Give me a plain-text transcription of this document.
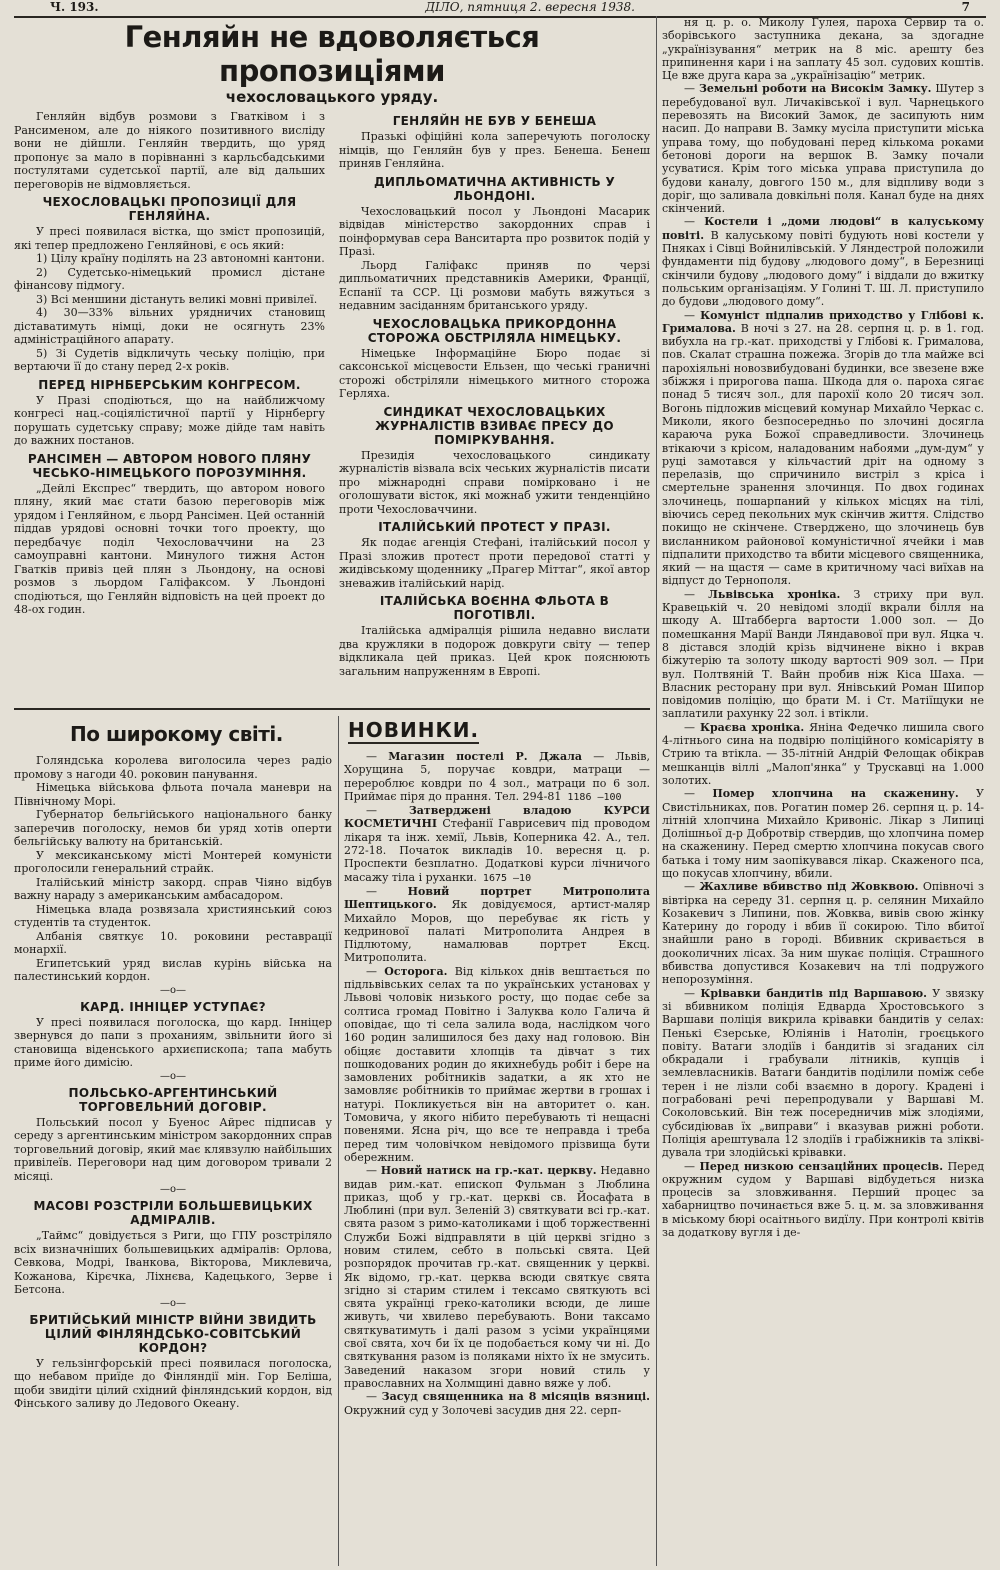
Ч. 193.	ДІЛО, пятниця 2. вересня 1938.	7
Генляйн не вдоволяється пропозиціями
чехословацького уряду.

Генляйн відбув розмови з Гватківом і з Рансименом, але до ніякого позитивного вислідy вони не дійшли. Генляйн твердить, що уряд пропонує за мало в порівнанні з карльсбадськими постулятами судетської партії, але від дальших переговорів не відмовляється.

ЧЕХОСЛОВАЦЬКІ ПРОПОЗИЦІЇ ДЛЯ ГЕНЛЯЙНА.

У пресі появилася вістка, що зміст пропозицій, які тепер предложено Генляйнові, є ось який:

1) Цілу країну поділять на 23 автономні кантони.

2) Судетсько-німецький промисл дістане фінансову підмогу.

3) Всі меншини дістануть великі мовні привілеї.

4) 30—33% вільних урядничих становищ діставатимуть німці, доки не осягнуть 23% адміністраційного апарату.

5) Зі Судетів відкличуть чеську поліцію, при вертаючи її до стану перед 2-х років.

ПЕРЕД НІРНБЕРСЬКИМ КОНГРЕСОМ.

У Празі сподіються, що на найближчому конгресі нац.-соціялістичної партії у Нірнбергу порушать судетську справу; може дійде там навіть до важних постанов.

РАНСІМЕН — АВТОРОМ НОВОГО ПЛЯНУ ЧЕСЬКО-НІМЕЦЬКОГО ПОРОЗУМІННЯ.

„Дейлі Експрес“ твердить, що автором нового пляну, який має стати базою переговорів між урядом і Генляйном, є льорд Рансімен. Цей останній піддав урядові основні точки того проекту, що передбачує поділ Чехословаччини на 23 самоуправні кантони. Минулого тижня Астон Гватків привіз цей плян з Льондону, на основі розмов з льордом Галіфаксом. У Льондоні сподіються, що Генляйн відповість на цей проект до 48-ох годин.

ГЕНЛЯЙН НЕ БУВ У БЕНЕША

Празькі офіційні кола заперечують поголоску німців, що Генляйн був у през. Бенеша. Бенеш приняв Генляйна.

ДИПЛЬОМАТИЧНА АКТИВНІСТЬ У ЛЬОНДОНІ.

Чехословацький посол у Льондоні Масарик відвідав міністерство закордонних справ і поінформував сера Ванситарта про розвиток подій у Празі.

Льорд Галіфакс приняв по черзі дипльоматичних представників Америки, Франції, Еспанії та ССР. Ці розмови мабуть вяжуться з недавним засіданням британського уряду.

ЧЕХОСЛОВАЦЬКА ПРИКОРДОННА СТОРОЖА ОБСТРІЛЯЛА НІМЕЦЬКУ.

Німецьке Інформаційне Бюро подає зі саксонської місцевости Ельзен, що чеські граничні сторожі обстріляли німецького митного сторожа Герляха.

СИНДИКАТ ЧЕХОСЛОВАЦЬКИХ ЖУРНАЛІСТІВ ВЗИВАЄ ПРЕСУ ДО ПОМІРКУВАННЯ.

Президія чехословацького синдикату журналістів візвала всіх чеських журналістів писати про міжнародні справи поміркованo і не оголошувати вісток, які можнаб ужити тенденційно проти Чехословаччини.

ІТАЛІЙСЬКИЙ ПРОТЕСТ У ПРАЗІ.

Як подає агенція Стефані, італійський посол у Празі зложив протест проти передової статті у жидівському щоденнику „Прагер Міттаг“, якої автор зневажив італійський нарід.

ІТАЛІЙСЬКА ВОЄННА ФЛЬОТА В ПОГОТІВЛІ.

Італійська адміралція рішила недавно вислати два кружляки в подорож довкруги світу — тепер відкликала цей приказ. Цей крок пояснюють загальним напруженням в Европі.

По широкому світі.

Голяндська королева виголосила через радіо промову з нагоди 40. роковин панування.

Німецька військова фльота почала маневри на Північному Морі.

Губернатор бельгійського національного банку заперечив поголоску, немов би уряд хотів оперти бельгійську валюту на британській.

У мексиканському місті Монтерей комуністи проголосили генеральний страйк.

Італійський міністр закорд. справ Чіяно відбув важну нараду з американським амбасадором.

Німецька влада розвязала християнський союз студентів та студенток.

Албанія святкує 10. роковини реставрації монархії.

Египетський уряд вислав курінь війська на палестинський кордон.

—o—
КАРД. ІННІЦЕР УСТУПАЄ?

У пресі появилася поголоска, що кард. Інніцер звернувся до папи з проханиям, звільнити його зі становища віденського архиєпископа; тапа мабуть приме його димісію.

—o—
ПОЛЬСЬКО-АРГЕНТИНСЬКИЙ ТОРГОВЕЛЬНИЙ ДОГОВІР.

Польський посол у Буенос Айрес підписав у середу з аргентинським міністром закордонних справ торговельний договір, який має клявзулю найбільших привілеїв. Переговори над цим договором тривали 2 місяці.

—o—
МАСОВІ РОЗСТРІЛИ БОЛЬШЕВИЦЬКИХ АДМІРАЛІВ.

„Таймс“ довідується з Риги, що ГПУ розстріляло всіх визначніших большевицьких адміралів: Орлова, Севкова, Модрі, Іванкова, Вікторова, Миклевича, Кожанова, Кірєчка, Ліхнєва, Кадецького, Зерве і Бетсона.

—o—
БРИТІЙСЬКИЙ МІНІСТР ВІЙНИ ЗВИДИТЬ ЦІЛИЙ ФІНЛЯНДСЬКО-СОВІТСЬКИЙ КОРДОН?

У гельзінгфорській пресі появилася поголоска, що небавом приїде до Фінляндії мін. Гор Беліша, щоби звидіти цілий східний фінляндський кордон, від Фінського заливу до Ледового Океану.

НОВИНКИ.

— Магазин постелі Р. Джала — Львів, Хорущина 5, поручає ковдри, матраци — перероблює ковдри по 4 зол., матраци по 6 зол. Приймає піря до прання. Тел. 294-81 1186 —100

— Затверджені владою КУРСИ КОСМЕТИЧНІ Стефанії Гаврисевич під проводом лікаря та інж. хемії, Львів, Коперника 42. А., тел. 272-18. Початок викладів 10. вересня ц. р. Проспекти безплатно. Додаткові курси лічничого масажу тіла і руханки. 1675 —10

— Новий портрет Митрополита Шептицького. Як довідуємося, артист-маляр Михайло Моров, що перебуває як гість у кедринової палаті Митрополита Андрея в Підлютому, намалював портрет Ексц. Митрополита.

— Осторога. Від кількох днів вештається по підльвівських селах та по українських установах у Львові чоловік низького росту, що подає себе за солтиса громад Повітно і Залуква коло Галича й оповідає, що ті села залила вода, наслідком чого 160 родин залишилося без даху над головою. Він обіцяє доставити хлопців та дівчат з тих пошкодованих родин до якихнебудь робіт і бере на замовлених робітників задатки, а як хто не замовляє робітників тo приймає жертви в грошах і натурі. Покликується він на авторитет о. кан. Томовича, у якого нібито перебувають ті нещасні повенями. Ясна річ, що все те неправда і треба перед тим чоловічком невідомого прізвища бути обережним.

— Новий натиск на гр.-кат. церкву. Недавно видав рим.-кат. епископ Фульман з Люблина приказ, щоб у гр.-кат. церкві св. Йосафата в Люблині (при вул. Зеленій 3) святкувати всі гр.-кат. свята разом з римо-католиками і щоб торжественні Служби Божі відправляти в цій церкві згідно з новим стилем, себто в польські свята. Цей розпорядок прочитав гр.-кат. священник у церкві. Як відомо, гр.-кат. церква всюди святкує свята згідно зі старим стилем і тексамо святкують всі свята українці греко-католики всюди, де лише живуть, чи хвилево перебувають. Вони таксамо святкуватимуть і далі разом з усіми українцями свої свята, хоч би їх це подобається кому чи ні. До святкування разом із поляками ніхто їх не змусить. Заведений наказом згори новий стиль у православних на Холмщині давно вяже у лоб.

— Засуд священника на 8 місяців вязниці. Окружний суд у Золочеві засудив дня 22. серп-

ня ц. р. о. Миколу Гулея, пароха Сервир та о. зборівського заступника декана, за здогадне „українізування“ метрик на 8 міс. арешту без припинення кари і на заплату 45 зол. судових коштів. Це вже друга кара за „українізацію“ метрик.

— Земельні роботи на Високім Замку. Шутер з перебудованої вул. Личаківської і вул. Чарнецького перевозять на Високий Замок, де засипують ним насип. До направи В. Замку мусіла приступити міська управа тому, що побудовані перед кількома роками бетонові дороги на вершок В. Замку почали усуватися. Крім того міська управа приступила до будови каналу, довгого 150 м., для відпливу води з доріг, що заливала довкільні поля. Канал буде на днях скінчений.

— Костели і „доми людові“ в калуському повіті. В калуському повіті будують нові костели у Пняках і Сівці Войнилівській. У Ляндестрой положили фундаменти під будову „людового дому“, в Березниці скінчили будову „людового дому“ і віддали до вжитку польським організаціям. У Голині Т. Ш. Л. приступило до будови „людового дому“.

— Комуніст підпалив приходство у Глібові к. Грималова. В ночі з 27. на 28. серпня ц. р. в 1. год. вибухла на гр.-кат. приходстві у Глібові к. Грималова, пов. Скалат страшна пожежа. Згорів до тла майже всі парохіяльні новозвибудовані будинки, все звезене вже збіжжя і прирогова паша. Шкода для о. пароха сягає понад 5 тисяч зол., для парохії коло 20 тисяч зол. Вогонь підложив місцевий комунар Михайло Черкас с. Миколи, якого безпосередньо по злочині досягла караюча рука Божої справедливости. Злочинець втікаючи з крісом, наладованим набоями „дум-дум“ у руці замотався у кільчастий дріт на одному з перелазів, що спричинило вистріл з кріса і смертельне зранення злочинця. По двох годинах злочинець, пошарпаний у кількох місцях на тілі, віючись серед пекольних мук скінчив життя. Слідство покищо не скінчене. Стверджено, що злочинець був висланником районової комуністичної ячейки і мав підпалити приходство та вбити місцевого священника, який — на щастя — саме в критичному часі виїхав на відпуст до Тернополя.

— Львівська хроніка. З стриху при вул. Кравецькій ч. 20 невідомі злодії вкрали білля на шкоду А. Штабберга вартости 1.000 зол. — До помешкання Марії Ванди Ляндавової при вул. Яцка ч. 8 дістався злодій крізь відчинене вікно і вкрав біжутерію та золоту шкоду вартості 909 зол. — При вул. Полтвяній Т. Вайн пробив ніж Кіса Шаха. — Власник ресторану при вул. Янівський Роман Шипор повідомив поліцію, що брати М. і Ст. Матіїщуки не заплатили рахунку 22 зол. і втікли.

— Краєва хроніка. Яніна Федечко лишила свого 4-літнього сина на подвірю поліційного комісаріяту в Стрию та втікла. — 35-літній Андрій Фелощак обікрав мешканців віллі „Малоп'янка“ у Трускавці на 1.000 золотих.

— Помер хлопчина на скаженину. У Свистільниках, пов. Рогатин помер 26. серпня ц. р. 14-літній хлопчина Михайло Кривоніс. Лікар з Липиці Долішньої д-р Добротвір ствердив, що хлопчина помер на скаженину. Перед смертю хлопчина покусав свого батька і тому ним заопікувався лікар. Скаженого пса, що покусав хлопчину, вбили.

— Жахливе вбивство під Жовквою. Опівночі з вівтірка на середу 31. серпня ц. р. селянин Михайло Козакевич з Липини, пов. Жовква, вивів свою жінку Катерину до городу і вбив її сокирою. Тіло вбитої знайшли рано в городі. Вбивник скривається в дооколичних лісах. За ним шукає поліція. Страшного вбивства допустився Козакевич на тлі подружого непорозуміння.

— Крівавки бандитів під Варшавою. У звязку зі вбивником поліція Едварда Хростовського з Варшави поліція викрила крівавки бандитів у селах: Пенькі Єзерське, Юліянів і Натолін, гроєцького повіту. Ватаги злодіїв і бандитів зі згаданих сіл обкрадали і грабували літників, купців і землевласників. Ватаги бандитів поділили поміж себе терен і не лізли собі взаємно в дорогу. Крадені і пограбовані речі перепродували у Варшаві М. Соколовський. Він теж посередничив між злодіями, субсидіював їх „виправи“ і вказував рижні роботи. Поліція арештувала 12 злодіїв і грабіжників та зліквідувала три злодійські крівавки.

— Перед низкою сензаційних процесів. Перед окружним судом у Варшаві відбудеться низка процесів за зловживання. Перший процес за хабарництво починається вже 5. ц. м. за зловживання в міському бюрі осаітнього видїлу. При контролі квітів за додаткову вугля і де-
